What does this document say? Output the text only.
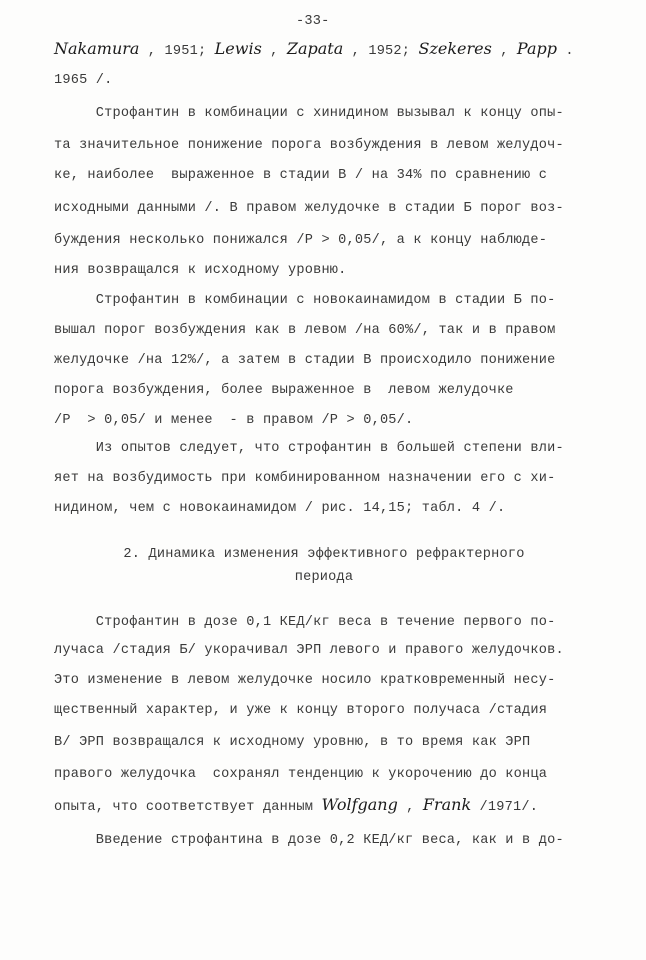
-33-
Nakamura , 1951; Lewis , Zapata , 1952; Szekeres , Papp .
1965 /.
Строфантин в комбинации с хинидином вызывал к концу опы-
та значительное понижение порога возбуждения в левом желудоч-
ке, наиболее  выраженное в стадии В / на 34% по сравнению с
исходными данными /. В правом желудочке в стадии Б порог воз-
буждения несколько понижался /Р > 0,05/, а к концу наблюде-
ния возвращался к исходному уровню.
Строфантин в комбинации с новокаинамидом в стадии Б по-
вышал порог возбуждения как в левом /на 60%/, так и в правом
желудочке /на 12%/, а затем в стадии В происходило понижение
порога возбуждения, более выраженное в  левом желудочке
/Р  > 0,05/ и менее  - в правом /Р > 0,05/.
Из опытов следует, что строфантин в большей степени вли-
яет на возбудимость при комбинированном назначении его с хи-
нидином, чем с новокаинамидом / рис. 14,15; табл. 4 /.
2. Динамика изменения эффективного рефрактерного
периода
Строфантин в дозе 0,1 КЕД/кг веса в течение первого по-
лучаса /стадия Б/ укорачивал ЭРП левого и правого желудочков.
Это изменение в левом желудочке носило кратковременный несу-
щественный характер, и уже к концу второго получаса /стадия
В/ ЭРП возвращался к исходному уровню, в то время как ЭРП
правого желудочка  сохранял тенденцию к укорочению до конца
опыта, что соответствует данным Wolfgang , Frank /1971/.
Введение строфантина в дозе 0,2 КЕД/кг веса, как и в до-
